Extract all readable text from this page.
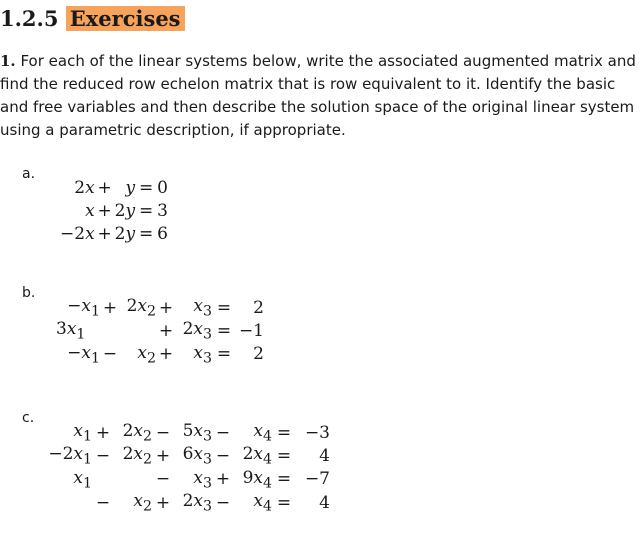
1.2.5 Exercises
1. For each of the linear systems below, write the associated augmented matrix and find the reduced row echelon matrix that is row equivalent to it. Identify the basic and free variables and then describe the solution space of the original linear system using a parametric description, if appropriate.
a.
2x	+	y	=	0
x	+	2y	=	3
−2x	+	2y	=	6
b.
$-x_1$	+	$2x_2$	+	$x_3$	=	2
$3x_1$			+	$2x_3$	=	−1
$-x_1$	−	$x_2$	+	$x_3$	=	2
c.
$x_1$	+	$2x_2$	−	$5x_3$	−	$x_4$	=	−3
$-2x_1$	−	$2x_2$	+	$6x_3$	−	$2x_4$	=	4
$x_1$			−	$x_3$	+	$9x_4$	=	−7
	−	$x_2$	+	$2x_3$	−	$x_4$	=	4
